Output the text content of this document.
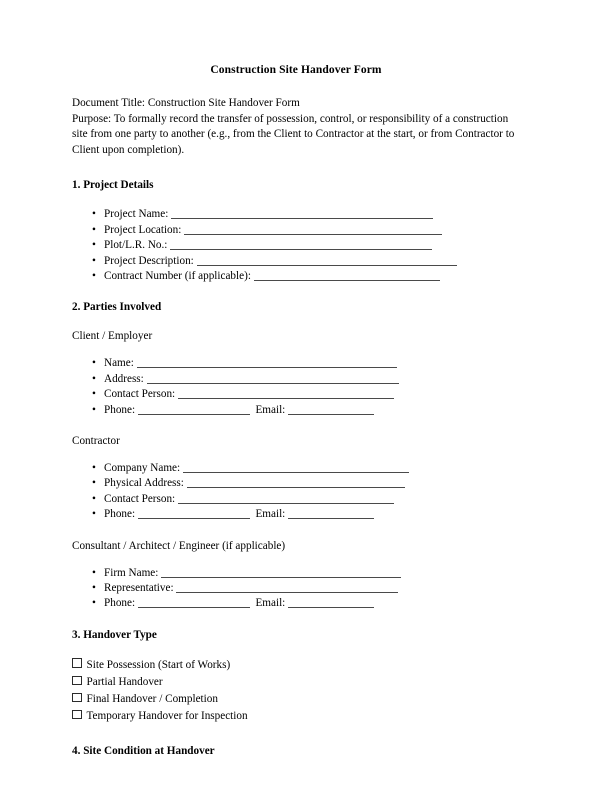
Construction Site Handover Form

Document Title: Construction Site Handover Form
Purpose: To formally record the transfer of possession, control, or responsibility of a construction site from one party to another (e.g., from the Client to Contractor at the start, or from Contractor to Client upon completion).

1. Project Details
• Project Name:
• Project Location:
• Plot/L.R. No.:
• Project Description:
• Contract Number (if applicable):
2. Parties Involved
Client / Employer
• Name:
• Address:
• Contact Person:
• Phone:	Email:
Contractor
• Company Name:
• Physical Address:
• Contact Person:
• Phone:	Email:
Consultant / Architect / Engineer (if applicable)
• Firm Name:
• Representative:
• Phone:	Email:
3. Handover Type
Site Possession (Start of Works)
Partial Handover
Final Handover / Completion
Temporary Handover for Inspection
4. Site Condition at Handover
